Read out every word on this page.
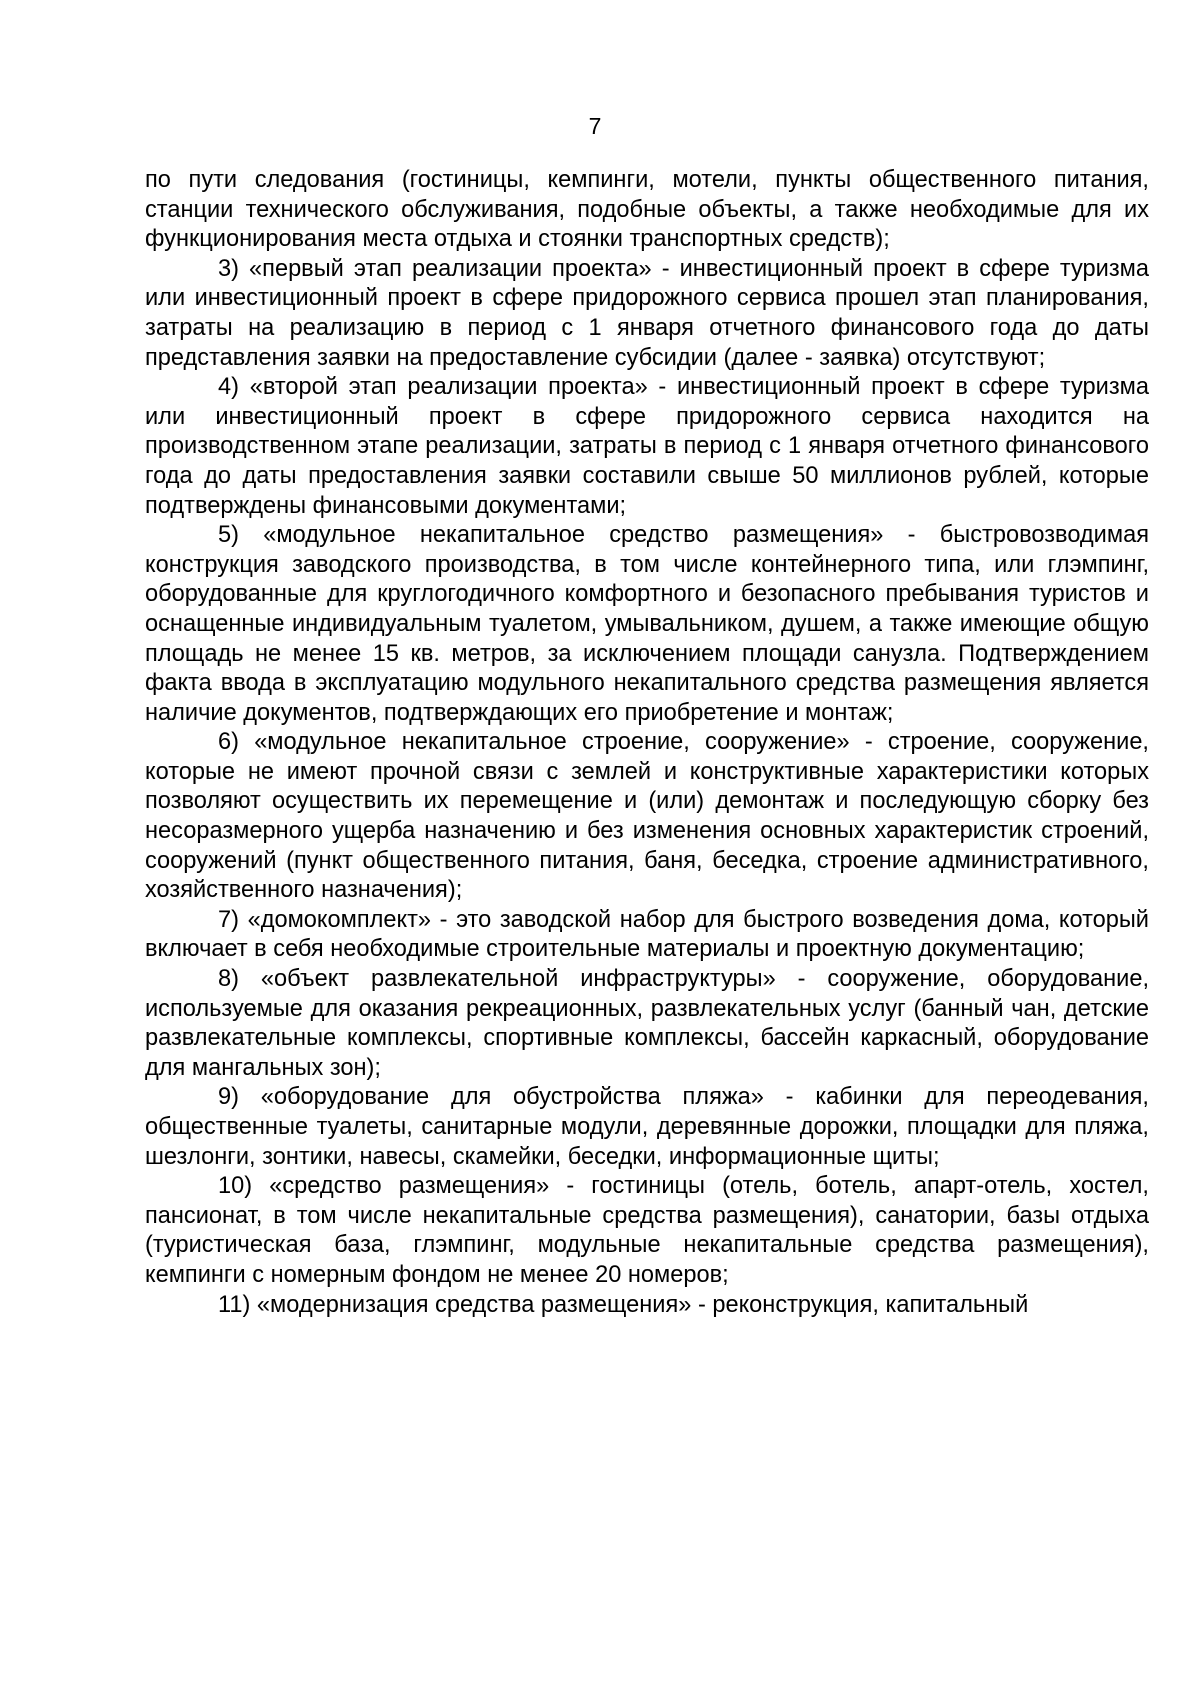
7

по пути следования (гостиницы, кемпинги, мотели, пункты общественного питания, станции технического обслуживания, подобные объекты, а также необходимые для их функционирования места отдыха и стоянки транспортных средств);

3) «первый этап реализации проекта» - инвестиционный проект в сфере туризма или инвестиционный проект в сфере придорожного сервиса прошел этап планирования, затраты на реализацию в период с 1 января отчетного финансового года до даты представления заявки на предоставление субсидии (далее - заявка) отсутствуют;

4) «второй этап реализации проекта» - инвестиционный проект в сфере туризма или инвестиционный проект в сфере придорожного сервиса находится на производственном этапе реализации, затраты в период с 1 января отчетного финансового года до даты предоставления заявки составили свыше 50 миллионов рублей, которые подтверждены финансовыми документами;

5) «модульное некапитальное средство размещения» - быстровозводимая конструкция заводского производства, в том числе контейнерного типа, или глэмпинг, оборудованные для круглогодичного комфортного и безопасного пребывания туристов и оснащенные индивидуальным туалетом, умывальником, душем, а также имеющие общую площадь не менее 15 кв. метров, за исключением площади санузла. Подтверждением факта ввода в эксплуатацию модульного некапитального средства размещения является наличие документов, подтверждающих его приобретение и монтаж;

6) «модульное некапитальное строение, сооружение» - строение, сооружение, которые не имеют прочной связи с землей и конструктивные характеристики которых позволяют осуществить их перемещение и (или) демонтаж и последующую сборку без несоразмерного ущерба назначению и без изменения основных характеристик строений, сооружений (пункт общественного питания, баня, беседка, строение административного, хозяйственного назначения);

7) «домокомплект» - это заводской набор для быстрого возведения дома, который включает в себя необходимые строительные материалы и проектную документацию;

8) «объект развлекательной инфраструктуры» - сооружение, оборудование, используемые для оказания рекреационных, развлекательных услуг (банный чан, детские развлекательные комплексы, спортивные комплексы, бассейн каркасный, оборудование для мангальных зон);

9) «оборудование для обустройства пляжа» - кабинки для переодевания, общественные туалеты, санитарные модули, деревянные дорожки, площадки для пляжа, шезлонги, зонтики, навесы, скамейки, беседки, информационные щиты;

10) «средство размещения» - гостиницы (отель, ботель, апарт-отель, хостел, пансионат, в том числе некапитальные средства размещения), санатории, базы отдыха (туристическая база, глэмпинг, модульные некапитальные средства размещения), кемпинги с номерным фондом не менее 20 номеров;

11) «модернизация средства размещения» - реконструкция, капитальный
